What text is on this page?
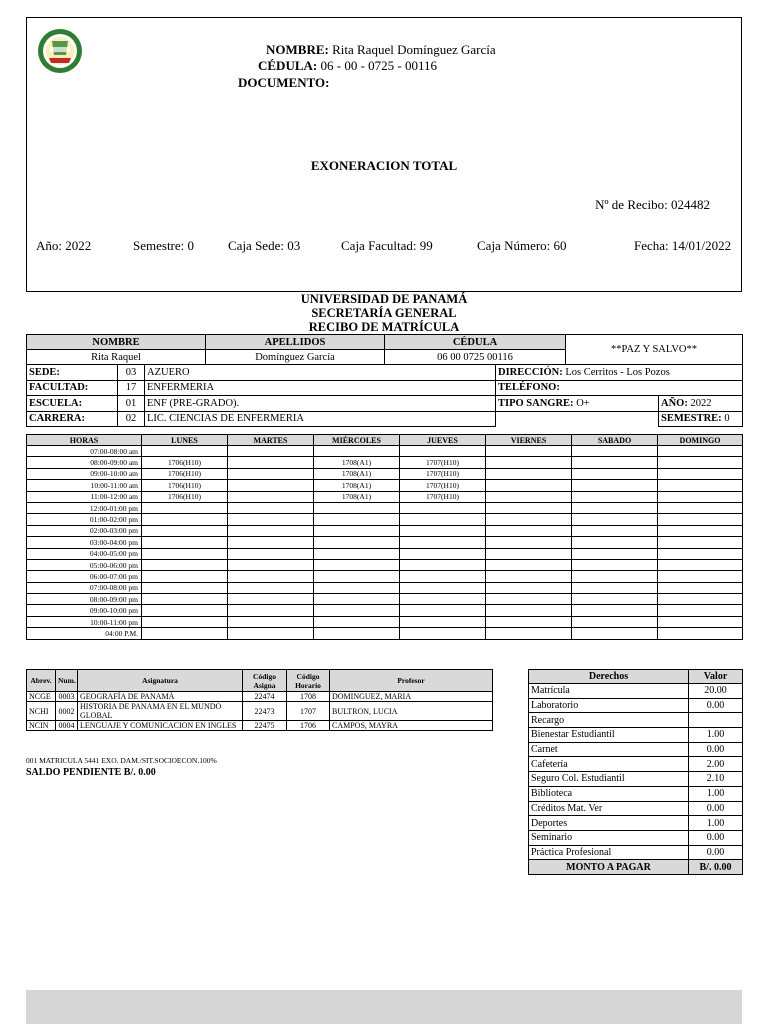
NOMBRE: Rita Raquel Domínguez García
CÉDULA: 06 - 00 - 0725 - 00116
DOCUMENTO:
EXONERACION TOTAL
Nº de Recibo: 024482
Año: 2022	Semestre: 0	Caja Sede: 03	Caja Facultad: 99	Caja Número: 60	Fecha: 14/01/2022
UNIVERSIDAD DE PANAMÁ
SECRETARÍA GENERAL
RECIBO DE MATRÍCULA
NOMBRE	APELLIDOS	CÉDULA	**PAZ Y SALVO**
Rita Raquel	Domínguez García	06 00 0725 00116	
SEDE:	03	AZUERO	DIRECCIÓN: Los Cerritos - Los Pozos	
FACULTAD:	17	ENFERMERIA	TELÉFONO:	
ESCUELA:	01	ENF (PRE-GRADO).	TIPO SANGRE: O+	AÑO: 2022
CARRERA:	02	LIC. CIENCIAS DE ENFERMERIA		SEMESTRE: 0
HORAS	LUNES	MARTES	MIÉRCOLES	JUEVES	VIERNES	SABADO	DOMINGO
07:00-08:00 am							
08:00-09:00 am	1706(H10)		1708(A1)	1707(H10)			
09:00-10:00 am	1706(H10)		1708(A1)	1707(H10)			
10:00-11:00 am	1706(H10)		1708(A1)	1707(H10)			
11:00-12:00 am	1706(H10)		1708(A1)	1707(H10)			
12:00-01:00 pm							
01:00-02:00 pm							
02:00-03:00 pm							
03:00-04:00 pm							
04:00-05:00 pm							
05:00-06:00 pm							
06:00-07:00 pm							
07:00-08:00 pm							
08:00-09:00 pm							
09:00-10:00 pm							
10:00-11:00 pm							
04:00 P.M.							
Abrev.	Num.	Asignatura	Código Asigna	Código Horario	Profesor
NCGE	0003	GEOGRAFÍA DE PANAMÁ	22474	1708	DOMINGUEZ, MARIA
NCHI	0002	HISTORIA DE PANAMA EN EL MUNDO GLOBAL	22473	1707	BULTRON, LUCIA
NCIN	0004	LENGUAJE Y COMUNICACION EN INGLES	22475	1706	CAMPOS, MAYRA
Derechos	Valor
Matrícula	20.00
Laboratorio	0.00
Recargo	
Bienestar Estudiantil	1.00
Carnet	0.00
Cafetería	2.00
Seguro Col. Estudiantil	2.10
Biblioteca	1.00
Créditos Mat. Ver	0.00
Deportes	1.00
Seminario	0.00
Práctica Profesional	0.00
MONTO A PAGAR	B/. 0.00
001 MATRICULA 5441 EXO. DAM./SIT.SOCIOECON.100%
SALDO PENDIENTE B/. 0.00
